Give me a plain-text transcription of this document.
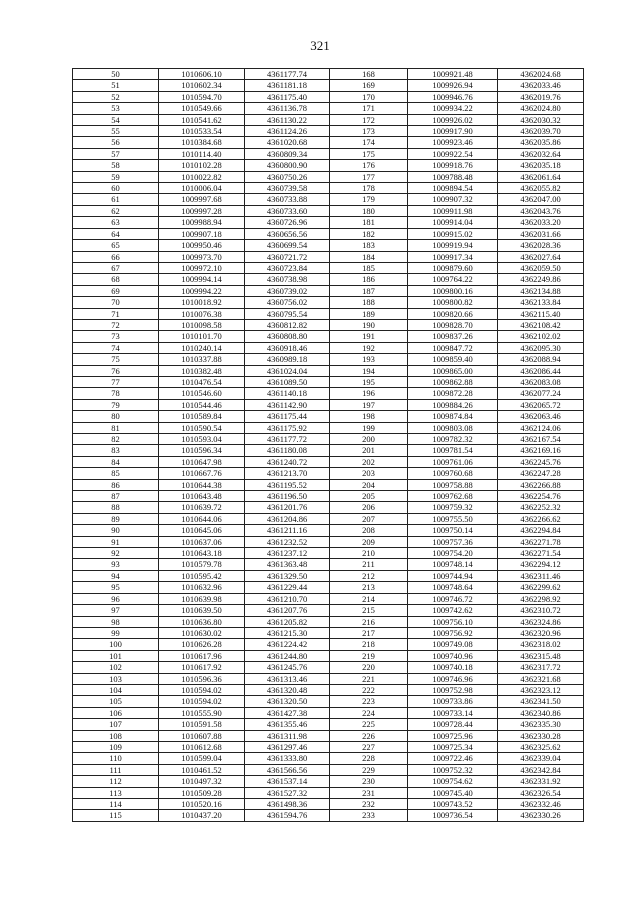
321
50	1010606.10	4361177.74	168	1009921.48	4362024.68
51	1010602.34	4361181.18	169	1009926.94	4362033.46
52	1010594.70	4361175.40	170	1009946.76	4362019.76
53	1010549.66	4361136.78	171	1009934.22	4362024.80
54	1010541.62	4361130.22	172	1009926.02	4362030.32
55	1010533.54	4361124.26	173	1009917.90	4362039.70
56	1010384.68	4361020.68	174	1009923.46	4362035.86
57	1010114.40	4360809.34	175	1009922.54	4362032.64
58	1010102.28	4360800.90	176	1009918.76	4362035.18
59	1010022.82	4360750.26	177	1009788.48	4362061.64
60	1010006.04	4360739.58	178	1009894.54	4362055.82
61	1009997.68	4360733.88	179	1009907.32	4362047.00
62	1009997.28	4360733.60	180	1009911.98	4362043.76
63	1009988.94	4360726.96	181	1009914.04	4362033.20
64	1009907.18	4360656.56	182	1009915.02	4362031.66
65	1009950.46	4360699.54	183	1009919.94	4362028.36
66	1009973.70	4360721.72	184	1009917.34	4362027.64
67	1009972.10	4360723.84	185	1009879.60	4362059.50
68	1009994.14	4360738.98	186	1009764.22	4362249.86
69	1009994.22	4360739.02	187	1009800.16	4362134.88
70	1010018.92	4360756.02	188	1009800.82	4362133.84
71	1010076.38	4360795.54	189	1009820.66	4362115.40
72	1010098.58	4360812.82	190	1009828.70	4362108.42
73	1010101.70	4360808.80	191	1009837.26	4362102.02
74	1010240.14	4360918.46	192	1009847.72	4362095.30
75	1010337.88	4360989.18	193	1009859.40	4362088.94
76	1010382.48	4361024.04	194	1009865.00	4362086.44
77	1010476.54	4361089.50	195	1009862.88	4362083.08
78	1010546.60	4361140.18	196	1009872.28	4362077.24
79	1010544.46	4361142.90	197	1009884.26	4362065.72
80	1010589.84	4361175.44	198	1009874.84	4362063.46
81	1010590.54	4361175.92	199	1009803.08	4362124.06
82	1010593.04	4361177.72	200	1009782.32	4362167.54
83	1010596.34	4361180.08	201	1009781.54	4362169.16
84	1010647.98	4361240.72	202	1009761.06	4362245.76
85	1010667.76	4361213.70	203	1009760.68	4362247.28
86	1010644.38	4361195.52	204	1009758.88	4362266.88
87	1010643.48	4361196.50	205	1009762.68	4362254.76
88	1010639.72	4361201.76	206	1009759.32	4362252.32
89	1010644.06	4361204.86	207	1009755.50	4362266.62
90	1010645.06	4361211.16	208	1009750.14	4362294.84
91	1010637.06	4361232.52	209	1009757.36	4362271.78
92	1010643.18	4361237.12	210	1009754.20	4362271.54
93	1010579.78	4361363.48	211	1009748.14	4362294.12
94	1010595.42	4361329.50	212	1009744.94	4362311.46
95	1010632.96	4361229.44	213	1009748.64	4362299.62
96	1010639.98	4361210.70	214	1009746.72	4362298.92
97	1010639.50	4361207.76	215	1009742.62	4362310.72
98	1010636.80	4361205.82	216	1009756.10	4362324.86
99	1010630.02	4361215.30	217	1009756.92	4362320.96
100	1010626.28	4361224.42	218	1009749.08	4362318.02
101	1010617.96	4361244.80	219	1009740.96	4362315.48
102	1010617.92	4361245.76	220	1009740.18	4362317.72
103	1010596.36	4361313.46	221	1009746.96	4362321.68
104	1010594.02	4361320.48	222	1009752.98	4362323.12
105	1010594.02	4361320.50	223	1009733.86	4362341.50
106	1010555.90	4361427.38	224	1009733.14	4362340.86
107	1010591.58	4361355.46	225	1009728.44	4362335.30
108	1010607.88	4361311.98	226	1009725.96	4362330.28
109	1010612.68	4361297.46	227	1009725.34	4362325.62
110	1010599.04	4361333.80	228	1009722.46	4362339.04
111	1010461.52	4361566.56	229	1009752.32	4362342.84
112	1010497.32	4361537.14	230	1009754.62	4362331.92
113	1010509.28	4361527.32	231	1009745.40	4362326.54
114	1010520.16	4361498.36	232	1009743.52	4362332.46
115	1010437.20	4361594.76	233	1009736.54	4362330.26
